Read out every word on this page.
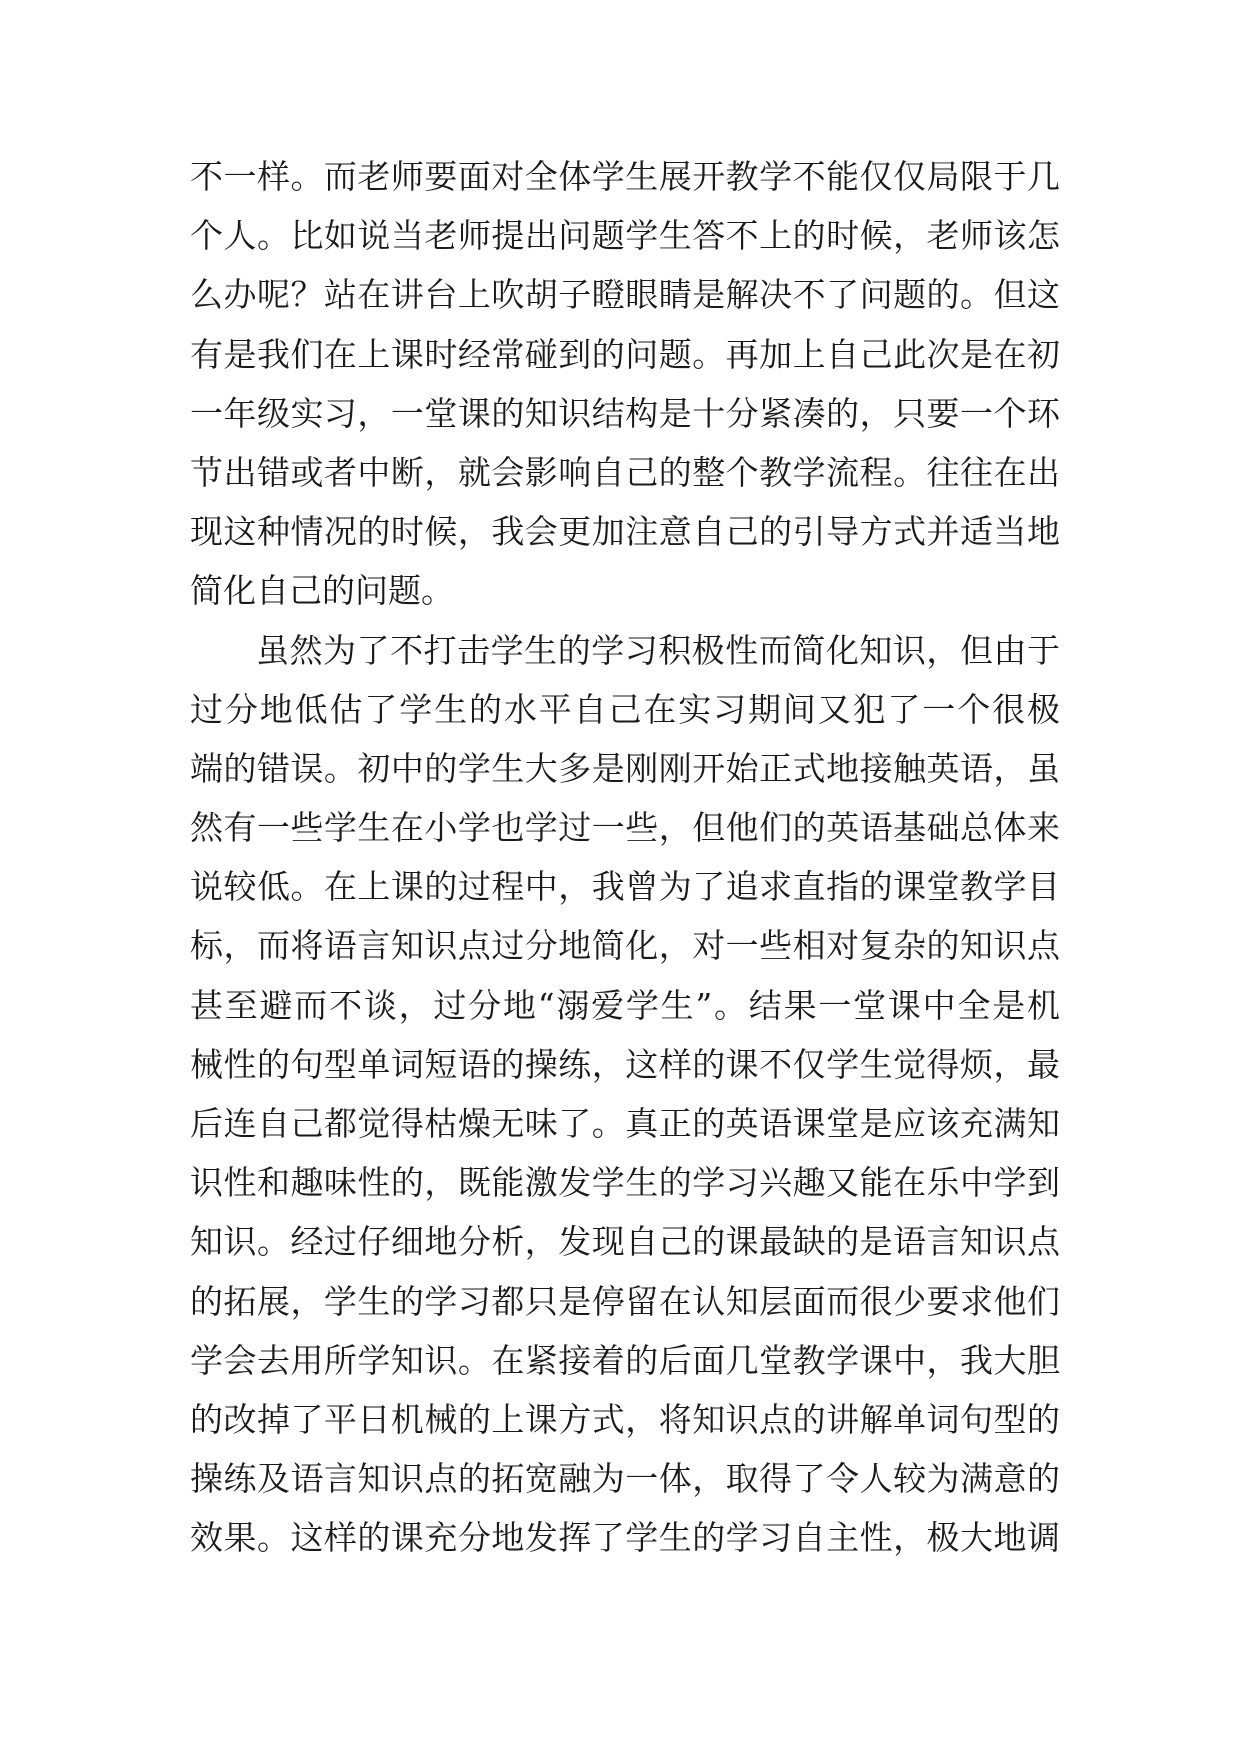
不一样。而老师要面对全体学生展开教学不能仅仅局限于几
个人。比如说当老师提出问题学生答不上的时候，老师该怎
么办呢？站在讲台上吹胡子瞪眼睛是解决不了问题的。但这
有是我们在上课时经常碰到的问题。再加上自己此次是在初
一年级实习，一堂课的知识结构是十分紧凑的，只要一个环
节出错或者中断，就会影响自己的整个教学流程。往往在出
现这种情况的时候，我会更加注意自己的引导方式并适当地
简化自己的问题。
虽然为了不打击学生的学习积极性而简化知识，但由于
过分地低估了学生的水平自己在实习期间又犯了一个很极
端的错误。初中的学生大多是刚刚开始正式地接触英语，虽
然有一些学生在小学也学过一些，但他们的英语基础总体来
说较低。在上课的过程中，我曾为了追求直指的课堂教学目
标，而将语言知识点过分地简化，对一些相对复杂的知识点
甚至避而不谈，过分地“溺爱学生”。结果一堂课中全是机
械性的句型单词短语的操练，这样的课不仅学生觉得烦，最
后连自己都觉得枯燥无味了。真正的英语课堂是应该充满知
识性和趣味性的，既能激发学生的学习兴趣又能在乐中学到
知识。经过仔细地分析，发现自己的课最缺的是语言知识点
的拓展，学生的学习都只是停留在认知层面而很少要求他们
学会去用所学知识。在紧接着的后面几堂教学课中，我大胆
的改掉了平日机械的上课方式，将知识点的讲解单词句型的
操练及语言知识点的拓宽融为一体，取得了令人较为满意的
效果。这样的课充分地发挥了学生的学习自主性，极大地调
